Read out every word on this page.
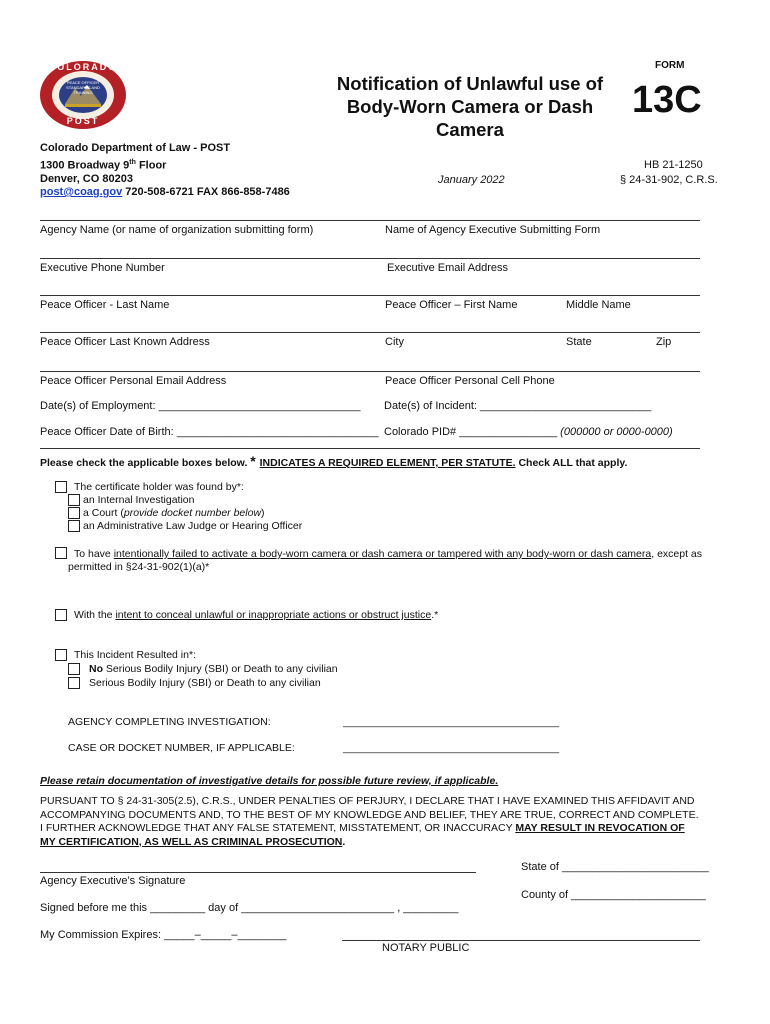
COLORADO
PEACE OFFICER STANDARDS AND TRAINING
POST
Notification of Unlawful use of Body-Worn Camera or Dash Camera
FORM
13C
Colorado Department of Law - POST
1300 Broadway 9th Floor
Denver, CO 80203
post@coag.gov 720-508-6721 FAX 866-858-7486
January 2022
HB 21-1250
§ 24-31-902, C.R.S.
Agency Name (or name of organization submitting form)	Name of Agency Executive Submitting Form
Executive Phone Number	Executive Email Address
Peace Officer - Last Name	Peace Officer – First Name	Middle Name
Peace Officer Last Known Address	City	State	Zip
Peace Officer Personal Email Address	Peace Officer Personal Cell Phone
Date(s) of Employment: _________________________________ Date(s) of Incident: ____________________________
Peace Officer Date of Birth: _________________________________ Colorado PID# ________________ (000000 or 0000-0000)
Please check the applicable boxes below. * INDICATES A REQUIRED ELEMENT, PER STATUTE. Check ALL that apply.
The certificate holder was found by*:
an Internal Investigation
a Court (provide docket number below)
an Administrative Law Judge or Hearing Officer
To have intentionally failed to activate a body-worn camera or dash camera or tampered with any body-worn or dash camera, except as
permitted in §24-31-902(1)(a)*
With the intent to conceal unlawful or inappropriate actions or obstruct justice.*
This Incident Resulted in*:
No Serious Bodily Injury (SBI) or Death to any civilian
Serious Bodily Injury (SBI) or Death to any civilian
AGENCY COMPLETING INVESTIGATION:	_____________________________________
CASE OR DOCKET NUMBER, IF APPLICABLE:	_____________________________________
Please retain documentation of investigative details for possible future review, if applicable.
PURSUANT TO § 24-31-305(2.5), C.R.S., UNDER PENALTIES OF PERJURY, I DECLARE THAT I HAVE EXAMINED THIS AFFIDAVIT AND
ACCOMPANYING DOCUMENTS AND, TO THE BEST OF MY KNOWLEDGE AND BELIEF, THEY ARE TRUE, CORRECT AND COMPLETE.
I FURTHER ACKNOWLEDGE THAT ANY FALSE STATEMENT, MISSTATEMENT, OR INACCURACY MAY RESULT IN REVOCATION OF
MY CERTIFICATION, AS WELL AS CRIMINAL PROSECUTION.
State of ________________________
Agency Executive’s Signature
County of ______________________
Signed before me this _________ day of _________________________ , _________
My Commission Expires: _____–_____–________
NOTARY PUBLIC
